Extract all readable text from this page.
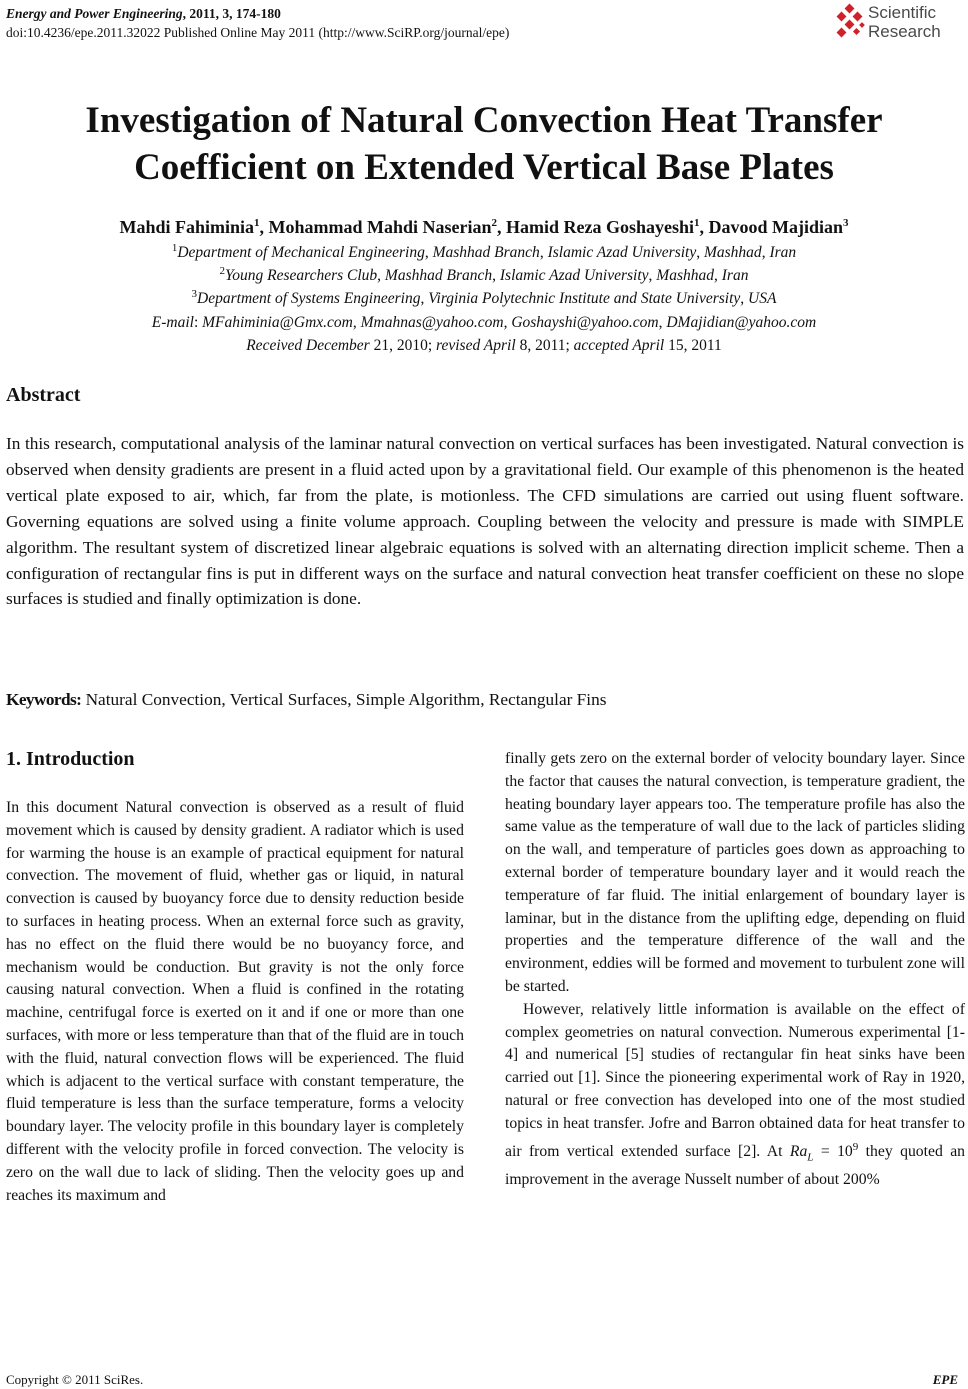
Energy and Power Engineering, 2011, 3, 174-180
doi:10.4236/epe.2011.32022 Published Online May 2011 (http://www.SciRP.org/journal/epe)
Scientific
Research
Investigation of Natural Convection Heat Transfer
Coefficient on Extended Vertical Base Plates
Mahdi Fahiminia$^1$, Mohammad Mahdi Naserian$^2$, Hamid Reza Goshayeshi$^1$, Davood Majidian$^3$
$^1$Department of Mechanical Engineering, Mashhad Branch, Islamic Azad University, Mashhad, Iran
$^2$Young Researchers Club, Mashhad Branch, Islamic Azad University, Mashhad, Iran
$^3$Department of Systems Engineering, Virginia Polytechnic Institute and State University, USA
E-mail: MFahiminia@Gmx.com, Mmahnas@yahoo.com, Goshayshi@yahoo.com, DMajidian@yahoo.com
Received December 21, 2010; revised April 8, 2011; accepted April 15, 2011
Abstract
In this research, computational analysis of the laminar natural convection on vertical surfaces has been investigated. Natural convection is observed when density gradients are present in a fluid acted upon by a gravitational field. Our example of this phenomenon is the heated vertical plate exposed to air, which, far from the plate, is motionless. The CFD simulations are carried out using fluent software. Governing equations are solved using a finite volume approach. Coupling between the velocity and pressure is made with SIMPLE algorithm. The resultant system of discretized linear algebraic equations is solved with an alternating direction implicit scheme. Then a configuration of rectangular fins is put in different ways on the surface and natural convection heat transfer coefficient on these no slope surfaces is studied and finally optimization is done.
Keywords: Natural Convection, Vertical Surfaces, Simple Algorithm, Rectangular Fins
1. Introduction

In this document Natural convection is observed as a result of fluid movement which is caused by density gradient. A radiator which is used for warming the house is an example of practical equipment for natural convection. The movement of fluid, whether gas or liquid, in natural convection is caused by buoyancy force due to density reduction beside to surfaces in heating process. When an external force such as gravity, has no effect on the fluid there would be no buoyancy force, and mechanism would be conduction. But gravity is not the only force causing natural convection. When a fluid is confined in the rotating machine, centrifugal force is exerted on it and if one or more than one surfaces, with more or less temperature than that of the fluid are in touch with the fluid, natural convection flows will be experienced. The fluid which is adjacent to the vertical surface with constant temperature, the fluid temperature is less than the surface temperature, forms a velocity boundary layer. The velocity profile in this boundary layer is completely different with the velocity profile in forced convection. The velocity is zero on the wall due to lack of sliding. Then the velocity goes up and reaches its maximum and

finally gets zero on the external border of velocity boundary layer. Since the factor that causes the natural convection, is temperature gradient, the heating boundary layer appears too. The temperature profile has also the same value as the temperature of wall due to the lack of particles sliding on the wall, and temperature of particles goes down as approaching to external border of temperature boundary layer and it would reach the temperature of far fluid. The initial enlargement of boundary layer is laminar, but in the distance from the uplifting edge, depending on fluid properties and the temperature difference of the wall and the environment, eddies will be formed and movement to turbulent zone will be started.

However, relatively little information is available on the effect of complex geometries on natural convection. Numerous experimental [1-4] and numerical [5] studies of rectangular fin heat sinks have been carried out [1]. Since the pioneering experimental work of Ray in 1920, natural or free convection has developed into one of the most studied topics in heat transfer. Jofre and Barron obtained data for heat transfer to air from vertical extended surface [2]. At $Ra_L = 10^9$ they quoted an improvement in the average Nusselt number of about 200%

Copyright © 2011 SciRes.	EPE
